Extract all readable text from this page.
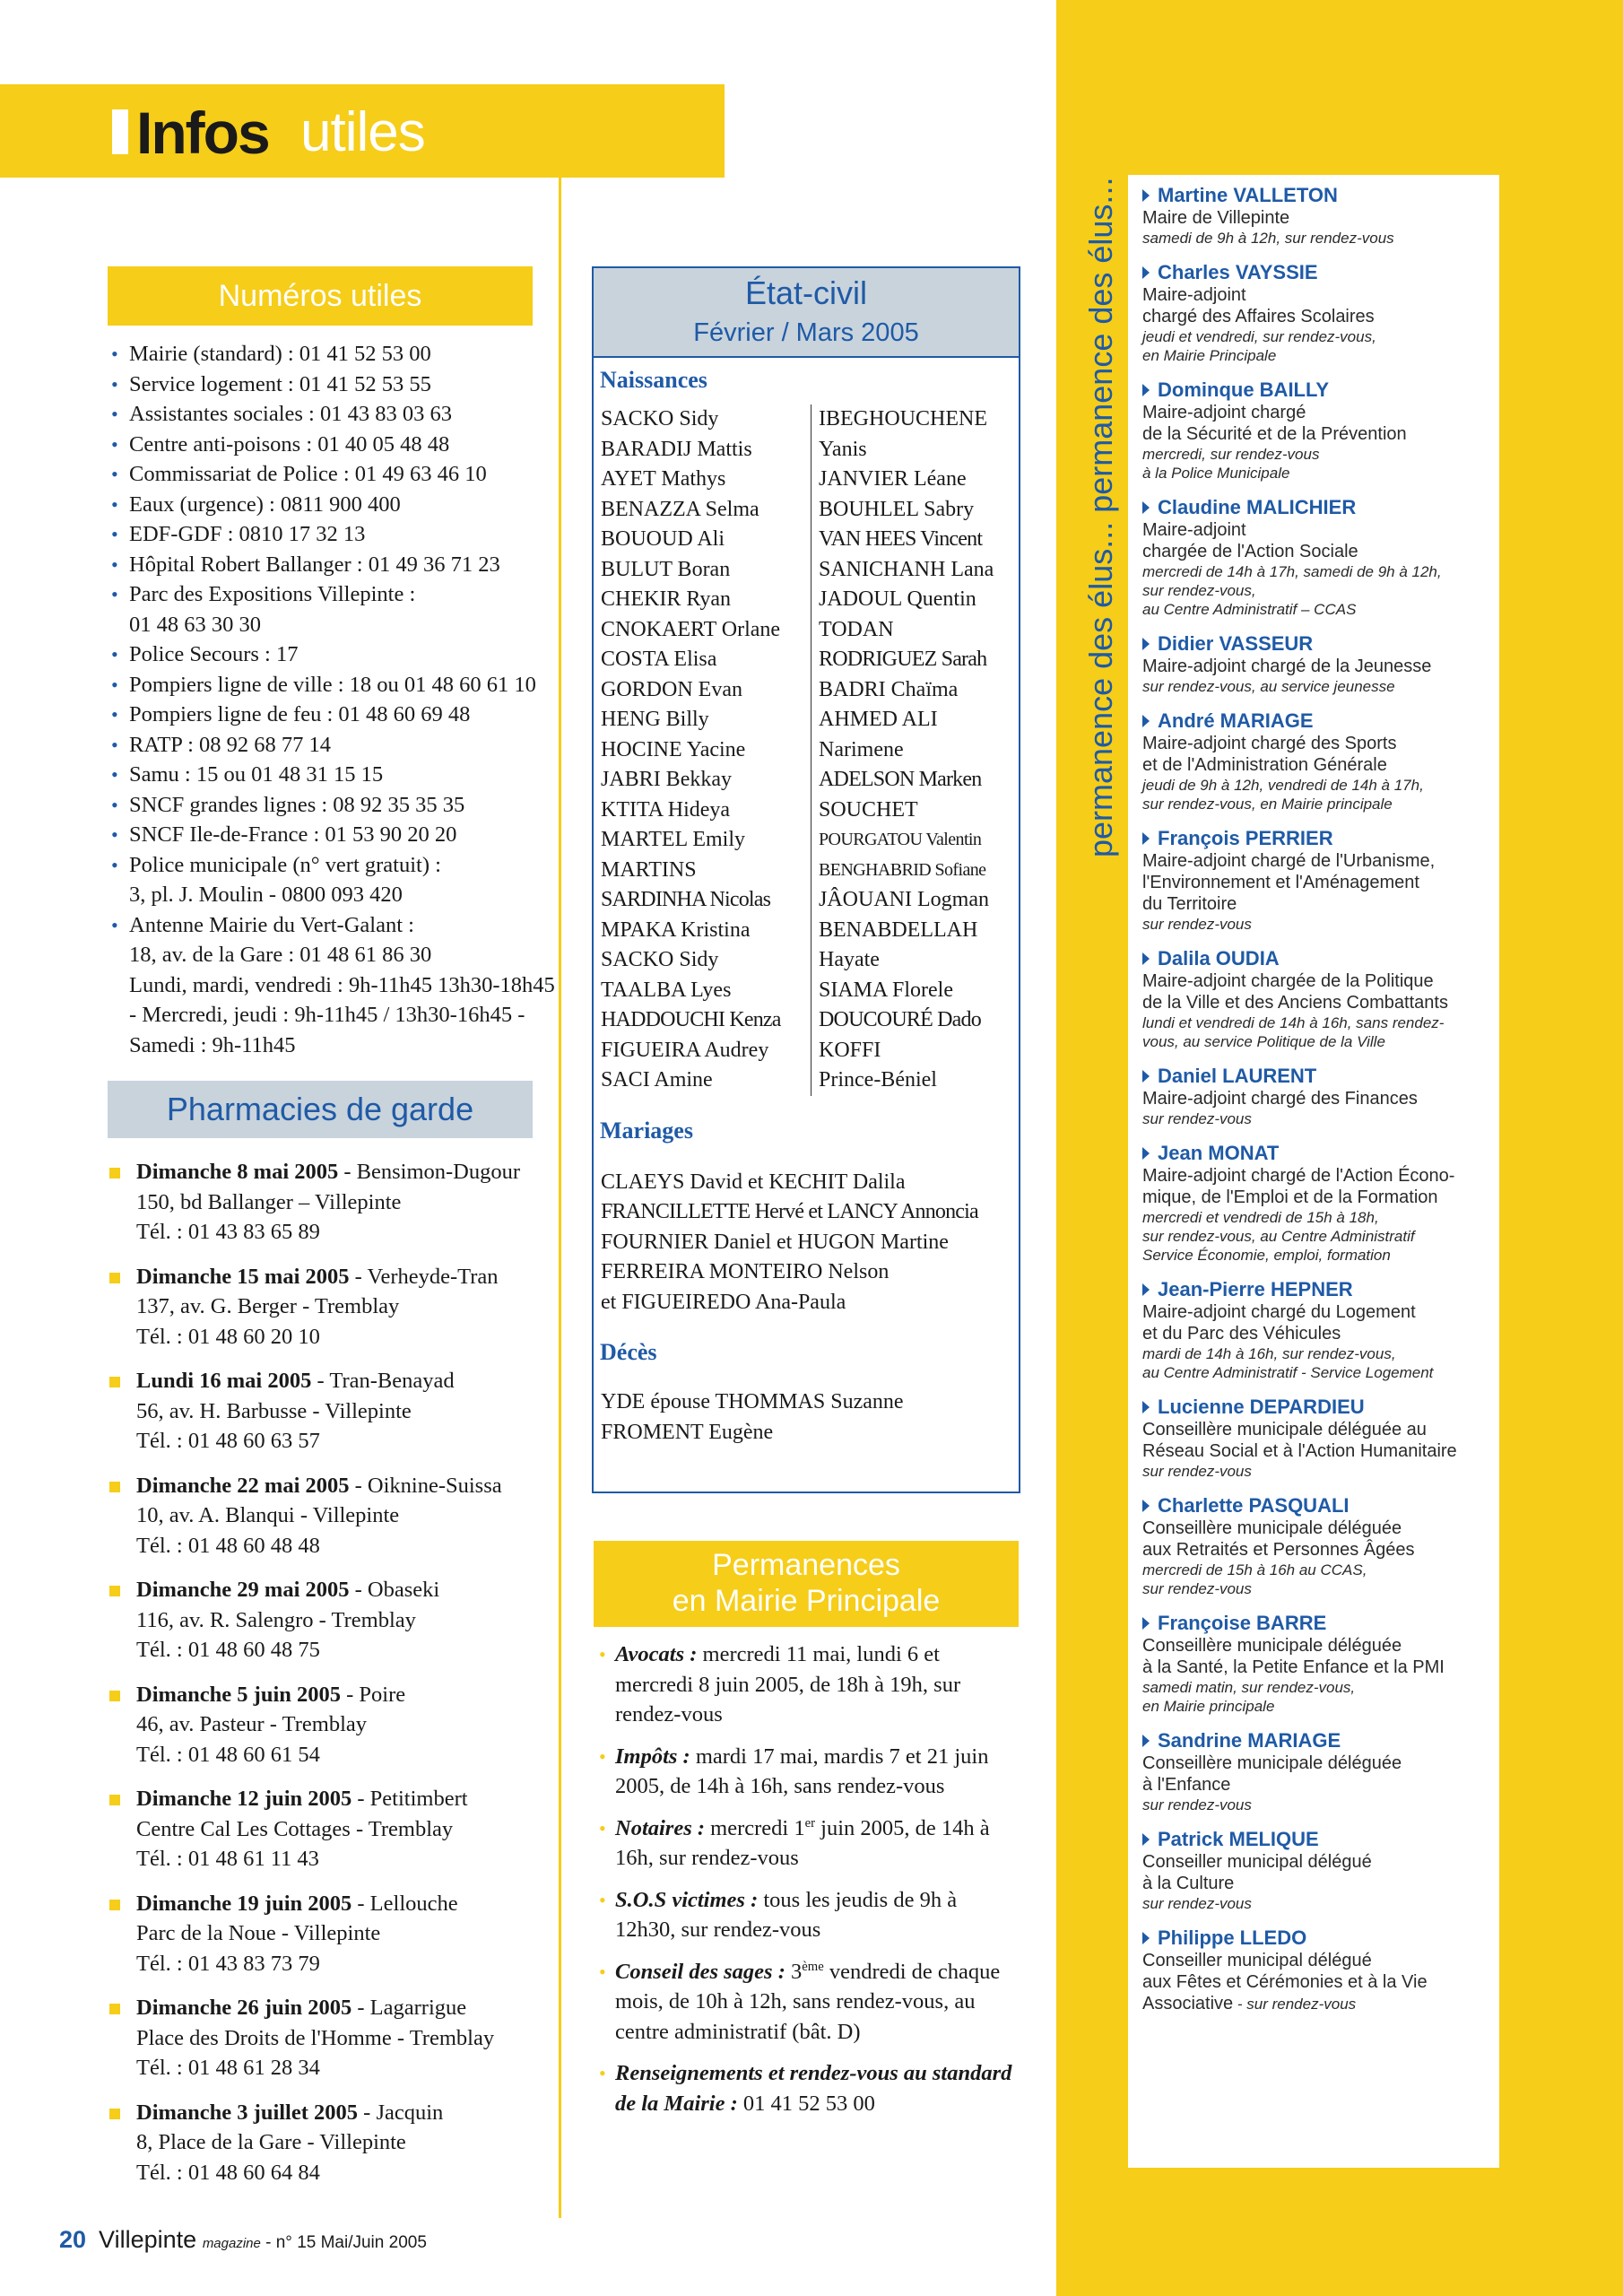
Infos utiles
permanence des élus... permanence des élus...	Martine VALLETON
Maire de Villepinte
samedi de 9h à 12h, sur rendez-vous
Charles VAYSSIE
Maire-adjoint
chargé des Affaires Scolaires
jeudi et vendredi, sur rendez-vous,
en Mairie Principale
Dominque BAILLY
Maire-adjoint chargé
de la Sécurité et de la Prévention
mercredi, sur rendez-vous
à la Police Municipale
Claudine MALICHIER
Maire-adjoint
chargée de l'Action Sociale
mercredi de 14h à 17h, samedi de 9h à 12h,
sur rendez-vous,
au Centre Administratif – CCAS
Didier VASSEUR
Maire-adjoint chargé de la Jeunesse
sur rendez-vous, au service jeunesse
André MARIAGE
Maire-adjoint chargé des Sports
et de l'Administration Générale
jeudi de 9h à 12h, vendredi de 14h à 17h,
sur rendez-vous, en Mairie principale
François PERRIER
Maire-adjoint chargé de l'Urbanisme,
l'Environnement et l'Aménagement
du Territoire
sur rendez-vous
Dalila OUDIA
Maire-adjoint chargée de la Politique
de la Ville et des Anciens Combattants
lundi et vendredi de 14h à 16h, sans rendez-
vous, au service Politique de la Ville
Daniel LAURENT
Maire-adjoint chargé des Finances
sur rendez-vous
Jean MONAT
Maire-adjoint chargé de l'Action Écono-
mique, de l'Emploi et de la Formation
mercredi et vendredi de 15h à 18h,
sur rendez-vous, au Centre Administratif
Service Économie, emploi, formation
Jean-Pierre HEPNER
Maire-adjoint chargé du Logement
et du Parc des Véhicules
mardi de 14h à 16h, sur rendez-vous,
au Centre Administratif - Service Logement
Lucienne DEPARDIEU
Conseillère municipale déléguée au
Réseau Social et à l'Action Humanitaire
sur rendez-vous
Charlette PASQUALI
Conseillère municipale déléguée
aux Retraités et Personnes Âgées
mercredi de 15h à 16h au CCAS,
sur rendez-vous
Françoise BARRE
Conseillère municipale déléguée
à la Santé, la Petite Enfance et la PMI
samedi matin, sur rendez-vous,
en Mairie principale
Sandrine MARIAGE
Conseillère municipale déléguée
à l'Enfance
sur rendez-vous
Patrick MELIQUE
Conseiller municipal délégué
à la Culture
sur rendez-vous
Philippe LLEDO
Conseiller municipal délégué
aux Fêtes et Cérémonies et à la Vie
Associative - sur rendez-vous
Numéros utiles
• Mairie (standard) : 01 41 52 53 00
• Service logement : 01 41 52 53 55
• Assistantes sociales : 01 43 83 03 63
• Centre anti-poisons : 01 40 05 48 48
• Commissariat de Police : 01 49 63 46 10
• Eaux (urgence) : 0811 900 400
• EDF-GDF : 0810 17 32 13
• Hôpital Robert Ballanger : 01 49 36 71 23
• Parc des Expositions Villepinte :
01 48 63 30 30
• Police Secours : 17
• Pompiers ligne de ville : 18 ou 01 48 60 61 10
• Pompiers ligne de feu : 01 48 60 69 48
• RATP : 08 92 68 77 14
• Samu : 15 ou 01 48 31 15 15
• SNCF grandes lignes : 08 92 35 35 35
• SNCF Ile-de-France : 01 53 90 20 20
• Police municipale (n° vert gratuit) :
3, pl. J. Moulin - 0800 093 420
• Antenne Mairie du Vert-Galant :
18, av. de la Gare : 01 48 61 86 30
Lundi, mardi, vendredi : 9h-11h45 13h30-18h45 - Mercredi, jeudi : 9h-11h45 / 13h30-16h45 - Samedi : 9h-11h45
Pharmacies de garde
Dimanche 8 mai 2005 - Bensimon-Dugour
150, bd Ballanger – Villepinte
Tél. : 01 43 83 65 89
Dimanche 15 mai 2005 - Verheyde-Tran
137, av. G. Berger - Tremblay
Tél. : 01 48 60 20 10
Lundi 16 mai 2005 - Tran-Benayad
56, av. H. Barbusse - Villepinte
Tél. : 01 48 60 63 57
Dimanche 22 mai 2005 - Oiknine-Suissa
10, av. A. Blanqui - Villepinte
Tél. : 01 48 60 48 48
Dimanche 29 mai 2005 - Obaseki
116, av. R. Salengro - Tremblay
Tél. : 01 48 60 48 75
Dimanche 5 juin 2005 - Poire
46, av. Pasteur - Tremblay
Tél. : 01 48 60 61 54
Dimanche 12 juin 2005 - Petitimbert
Centre Cal Les Cottages - Tremblay
Tél. : 01 48 61 11 43
Dimanche 19 juin 2005 - Lellouche
Parc de la Noue - Villepinte
Tél. : 01 43 83 73 79
Dimanche 26 juin 2005 - Lagarrigue
Place des Droits de l'Homme - Tremblay
Tél. : 01 48 61 28 34
Dimanche 3 juillet 2005 - Jacquin
8, Place de la Gare - Villepinte
Tél. : 01 48 60 64 84
État-civil
Février / Mars 2005
Naissances
SACKO Sidy
BARADIJ Mattis
AYET Mathys
BENAZZA Selma
BOUOUD Ali
BULUT Boran
CHEKIR Ryan
CNOKAERT Orlane
COSTA Elisa
GORDON Evan
HENG Billy
HOCINE Yacine
JABRI Bekkay
KTITA Hideya
MARTEL Emily
MARTINS
SARDINHA Nicolas
MPAKA Kristina
SACKO Sidy
TAALBA Lyes
HADDOUCHI Kenza
FIGUEIRA Audrey
SACI Amine
IBEGHOUCHENE
Yanis
JANVIER Léane
BOUHLEL Sabry
VAN HEES Vincent
SANICHANH Lana
JADOUL Quentin
TODAN
RODRIGUEZ Sarah
BADRI Chaïma
AHMED ALI
Narimene
ADELSON Marken
SOUCHET
POURGATOU Valentin
BENGHABRID Sofiane
JÂOUANI Logman
BENABDELLAH
Hayate
SIAMA Florele
DOUCOURÉ Dado
KOFFI
Prince-Béniel
Mariages
CLAEYS David et KECHIT Dalila
FRANCILLETTE Hervé et LANCY Annoncia
FOURNIER Daniel et HUGON Martine
FERREIRA MONTEIRO Nelson
et FIGUEIREDO Ana-Paula
Décès
YDE épouse THOMMAS Suzanne
FROMENT Eugène
Permanences
en Mairie Principale
• Avocats : mercredi 11 mai, lundi 6 et mercredi 8 juin 2005, de 18h à 19h, sur rendez-vous
• Impôts : mardi 17 mai, mardis 7 et 21 juin 2005, de 14h à 16h, sans rendez-vous
• Notaires : mercredi 1er juin 2005, de 14h à 16h, sur rendez-vous
• S.O.S victimes : tous les jeudis de 9h à 12h30, sur rendez-vous
• Conseil des sages : 3ème vendredi de chaque mois, de 10h à 12h, sans rendez-vous, au centre administratif (bât. D)
• Renseignements et rendez-vous au standard de la Mairie : 01 41 52 53 00
20 Villepinte magazine - n° 15 Mai/Juin 2005
